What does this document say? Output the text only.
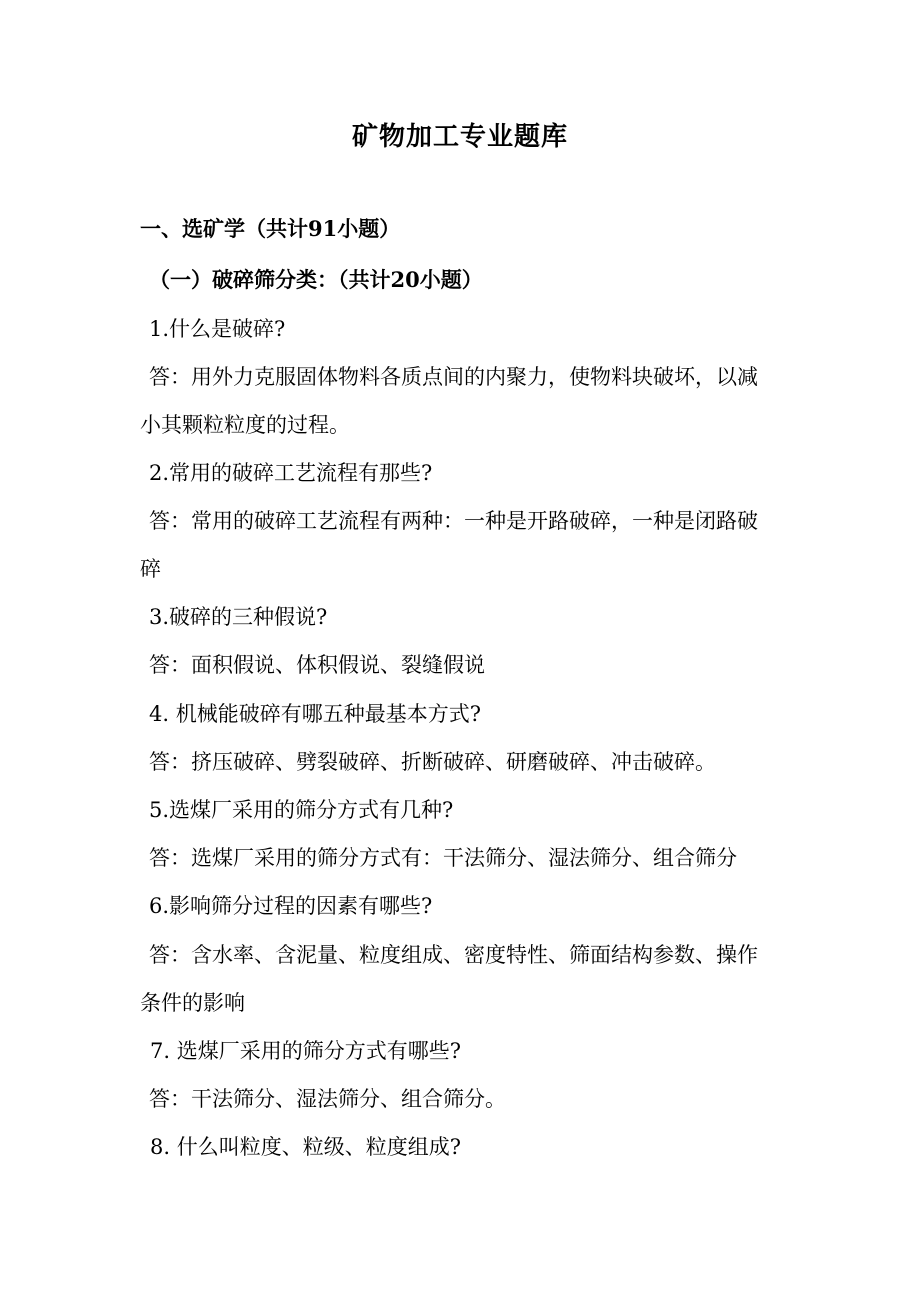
矿物加工专业题库
一、选矿学（共计91小题）
（一）破碎筛分类：（共计20小题）
1.什么是破碎?
答：用外力克服固体物料各质点间的内聚力，使物料块破坏，以减
小其颗粒粒度的过程。
2.常用的破碎工艺流程有那些?
答：常用的破碎工艺流程有两种：一种是开路破碎，一种是闭路破
碎
3.破碎的三种假说?
答：面积假说、体积假说、裂缝假说
4. 机械能破碎有哪五种最基本方式?
答：挤压破碎、劈裂破碎、折断破碎、研磨破碎、冲击破碎。
5.选煤厂采用的筛分方式有几种?
答：选煤厂采用的筛分方式有：干法筛分、湿法筛分、组合筛分
6.影响筛分过程的因素有哪些?
答：含水率、含泥量、粒度组成、密度特性、筛面结构参数、操作
条件的影响
7. 选煤厂采用的筛分方式有哪些?
答：干法筛分、湿法筛分、组合筛分。
8. 什么叫粒度、粒级、粒度组成?
